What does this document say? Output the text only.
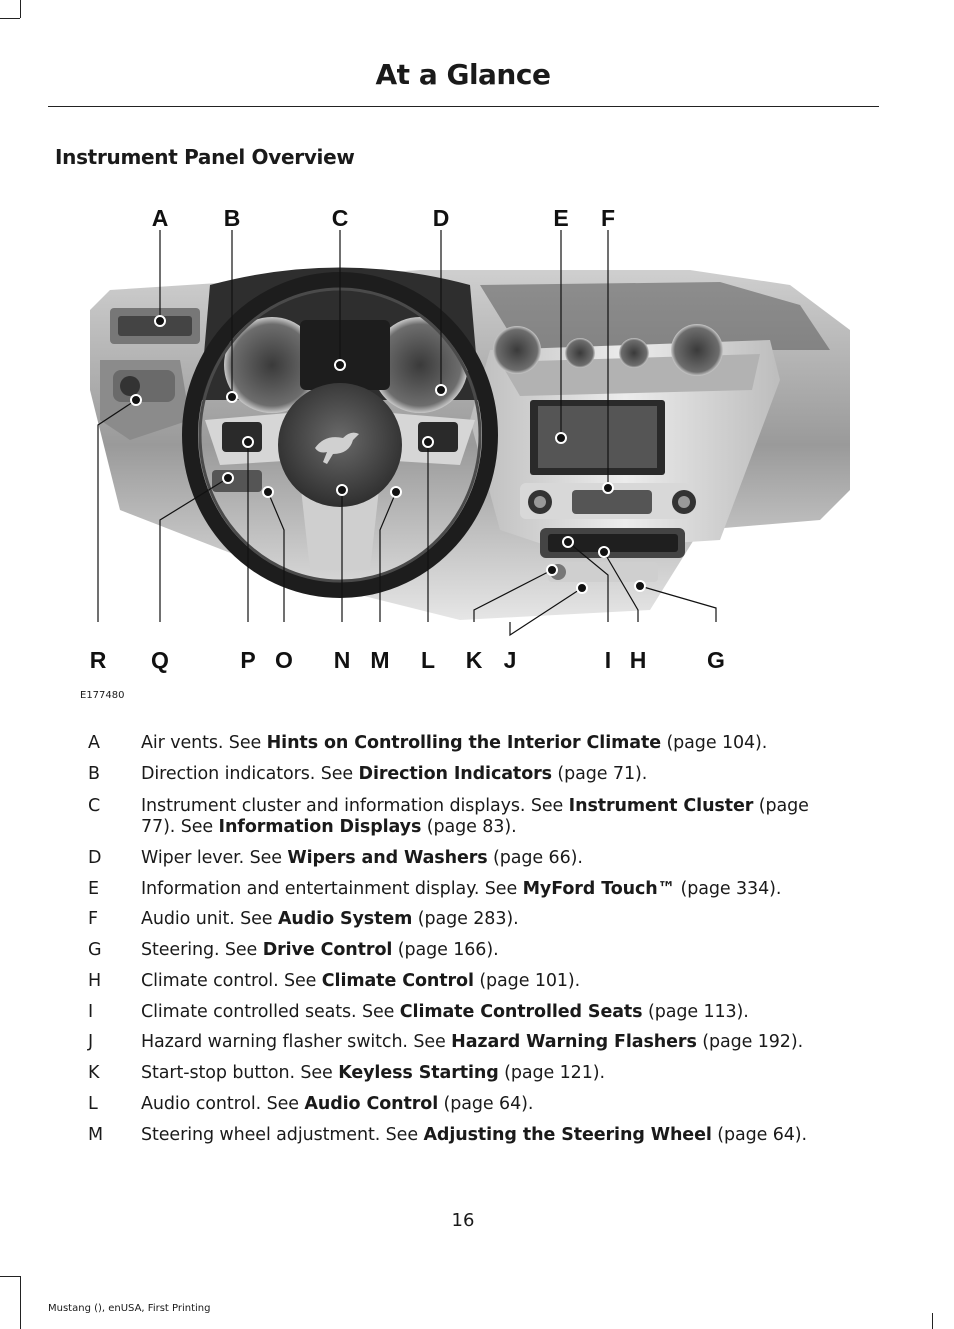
At a Glance
Instrument Panel Overview
A B	C	D	E F
R Q	P O N M L K J	I H	G
E177480
A	Air vents. See Hints on Controlling the Interior Climate (page 104).
B	Direction indicators. See Direction Indicators (page 71).
C	Instrument cluster and information displays. See Instrument Cluster (page
77). See Information Displays (page 83).
D	Wiper lever. See Wipers and Washers (page 66).
E	Information and entertainment display. See MyFord Touch™ (page 334).
F	Audio unit. See Audio System (page 283).
G	Steering. See Drive Control (page 166).
H	Climate control. See Climate Control (page 101).
I	Climate controlled seats. See Climate Controlled Seats (page 113).
J	Hazard warning flasher switch. See Hazard Warning Flashers (page 192).
K	Start-stop button. See Keyless Starting (page 121).
L	Audio control. See Audio Control (page 64).
M Steering wheel adjustment. See Adjusting the Steering Wheel (page 64).
16
Mustang (), enUSA, First Printing
